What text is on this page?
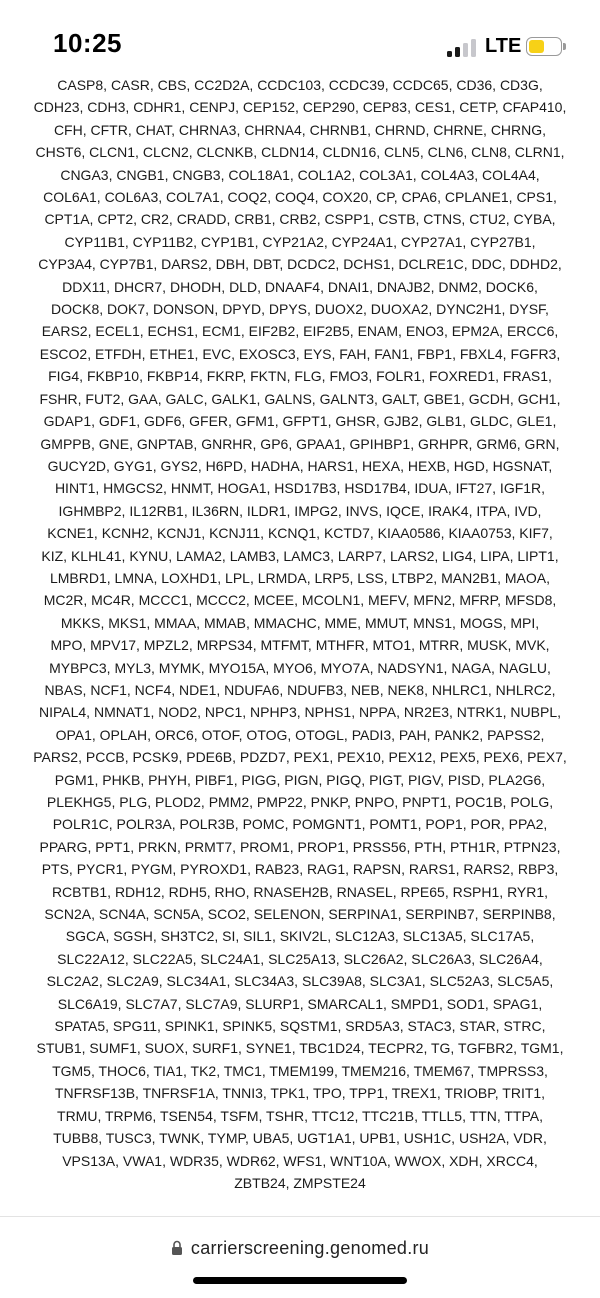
10:25	LTE
CASP8, CASR, CBS, CC2D2A, CCDC103, CCDC39, CCDC65, CD36, CD3G,
CDH23, CDH3, CDHR1, CENPJ, CEP152, CEP290, CEP83, CES1, CETP, CFAP410,
CFH, CFTR, CHAT, CHRNA3, CHRNA4, CHRNB1, CHRND, CHRNE, CHRNG,
CHST6, CLCN1, CLCN2, CLCNKB, CLDN14, CLDN16, CLN5, CLN6, CLN8, CLRN1,
CNGA3, CNGB1, CNGB3, COL18A1, COL1A2, COL3A1, COL4A3, COL4A4,
COL6A1, COL6A3, COL7A1, COQ2, COQ4, COX20, CP, CPA6, CPLANE1, CPS1,
CPT1A, CPT2, CR2, CRADD, CRB1, CRB2, CSPP1, CSTB, CTNS, CTU2, CYBA,
CYP11B1, CYP11B2, CYP1B1, CYP21A2, CYP24A1, CYP27A1, CYP27B1,
CYP3A4, CYP7B1, DARS2, DBH, DBT, DCDC2, DCHS1, DCLRE1C, DDC, DDHD2,
DDX11, DHCR7, DHODH, DLD, DNAAF4, DNAI1, DNAJB2, DNM2, DOCK6,
DOCK8, DOK7, DONSON, DPYD, DPYS, DUOX2, DUOXA2, DYNC2H1, DYSF,
EARS2, ECEL1, ECHS1, ECM1, EIF2B2, EIF2B5, ENAM, ENO3, EPM2A, ERCC6,
ESCO2, ETFDH, ETHE1, EVC, EXOSC3, EYS, FAH, FAN1, FBP1, FBXL4, FGFR3,
FIG4, FKBP10, FKBP14, FKRP, FKTN, FLG, FMO3, FOLR1, FOXRED1, FRAS1,
FSHR, FUT2, GAA, GALC, GALK1, GALNS, GALNT3, GALT, GBE1, GCDH, GCH1,
GDAP1, GDF1, GDF6, GFER, GFM1, GFPT1, GHSR, GJB2, GLB1, GLDC, GLE1,
GMPPB, GNE, GNPTAB, GNRHR, GP6, GPAA1, GPIHBP1, GRHPR, GRM6, GRN,
GUCY2D, GYG1, GYS2, H6PD, HADHA, HARS1, HEXA, HEXB, HGD, HGSNAT,
HINT1, HMGCS2, HNMT, HOGA1, HSD17B3, HSD17B4, IDUA, IFT27, IGF1R,
IGHMBP2, IL12RB1, IL36RN, ILDR1, IMPG2, INVS, IQCE, IRAK4, ITPA, IVD,
KCNE1, KCNH2, KCNJ1, KCNJ11, KCNQ1, KCTD7, KIAA0586, KIAA0753, KIF7,
KIZ, KLHL41, KYNU, LAMA2, LAMB3, LAMC3, LARP7, LARS2, LIG4, LIPA, LIPT1,
LMBRD1, LMNA, LOXHD1, LPL, LRMDA, LRP5, LSS, LTBP2, MAN2B1, MAOA,
MC2R, MC4R, MCCC1, MCCC2, MCEE, MCOLN1, MEFV, MFN2, MFRP, MFSD8,
MKKS, MKS1, MMAA, MMAB, MMACHC, MME, MMUT, MNS1, MOGS, MPI,
MPO, MPV17, MPZL2, MRPS34, MTFMT, MTHFR, MTO1, MTRR, MUSK, MVK,
MYBPC3, MYL3, MYMK, MYO15A, MYO6, MYO7A, NADSYN1, NAGA, NAGLU,
NBAS, NCF1, NCF4, NDE1, NDUFA6, NDUFB3, NEB, NEK8, NHLRC1, NHLRC2,
NIPAL4, NMNAT1, NOD2, NPC1, NPHP3, NPHS1, NPPA, NR2E3, NTRK1, NUBPL,
OPA1, OPLAH, ORC6, OTOF, OTOG, OTOGL, PADI3, PAH, PANK2, PAPSS2,
PARS2, PCCB, PCSK9, PDE6B, PDZD7, PEX1, PEX10, PEX12, PEX5, PEX6, PEX7,
PGM1, PHKB, PHYH, PIBF1, PIGG, PIGN, PIGQ, PIGT, PIGV, PISD, PLA2G6,
PLEKHG5, PLG, PLOD2, PMM2, PMP22, PNKP, PNPO, PNPT1, POC1B, POLG,
POLR1C, POLR3A, POLR3B, POMC, POMGNT1, POMT1, POP1, POR, PPA2,
PPARG, PPT1, PRKN, PRMT7, PROM1, PROP1, PRSS56, PTH, PTH1R, PTPN23,
PTS, PYCR1, PYGM, PYROXD1, RAB23, RAG1, RAPSN, RARS1, RARS2, RBP3,
RCBTB1, RDH12, RDH5, RHO, RNASEH2B, RNASEL, RPE65, RSPH1, RYR1,
SCN2A, SCN4A, SCN5A, SCO2, SELENON, SERPINA1, SERPINB7, SERPINB8,
SGCA, SGSH, SH3TC2, SI, SIL1, SKIV2L, SLC12A3, SLC13A5, SLC17A5,
SLC22A12, SLC22A5, SLC24A1, SLC25A13, SLC26A2, SLC26A3, SLC26A4,
SLC2A2, SLC2A9, SLC34A1, SLC34A3, SLC39A8, SLC3A1, SLC52A3, SLC5A5,
SLC6A19, SLC7A7, SLC7A9, SLURP1, SMARCAL1, SMPD1, SOD1, SPAG1,
SPATA5, SPG11, SPINK1, SPINK5, SQSTM1, SRD5A3, STAC3, STAR, STRC,
STUB1, SUMF1, SUOX, SURF1, SYNE1, TBC1D24, TECPR2, TG, TGFBR2, TGM1,
TGM5, THOC6, TIA1, TK2, TMC1, TMEM199, TMEM216, TMEM67, TMPRSS3,
TNFRSF13B, TNFRSF1A, TNNI3, TPK1, TPO, TPP1, TREX1, TRIOBP, TRIT1,
TRMU, TRPM6, TSEN54, TSFM, TSHR, TTC12, TTC21B, TTLL5, TTN, TTPA,
TUBB8, TUSC3, TWNK, TYMP, UBA5, UGT1A1, UPB1, USH1C, USH2A, VDR,
VPS13A, VWA1, WDR35, WDR62, WFS1, WNT10A, WWOX, XDH, XRCC4,
ZBTB24, ZMPSTE24
carrierscreening.genomed.ru
